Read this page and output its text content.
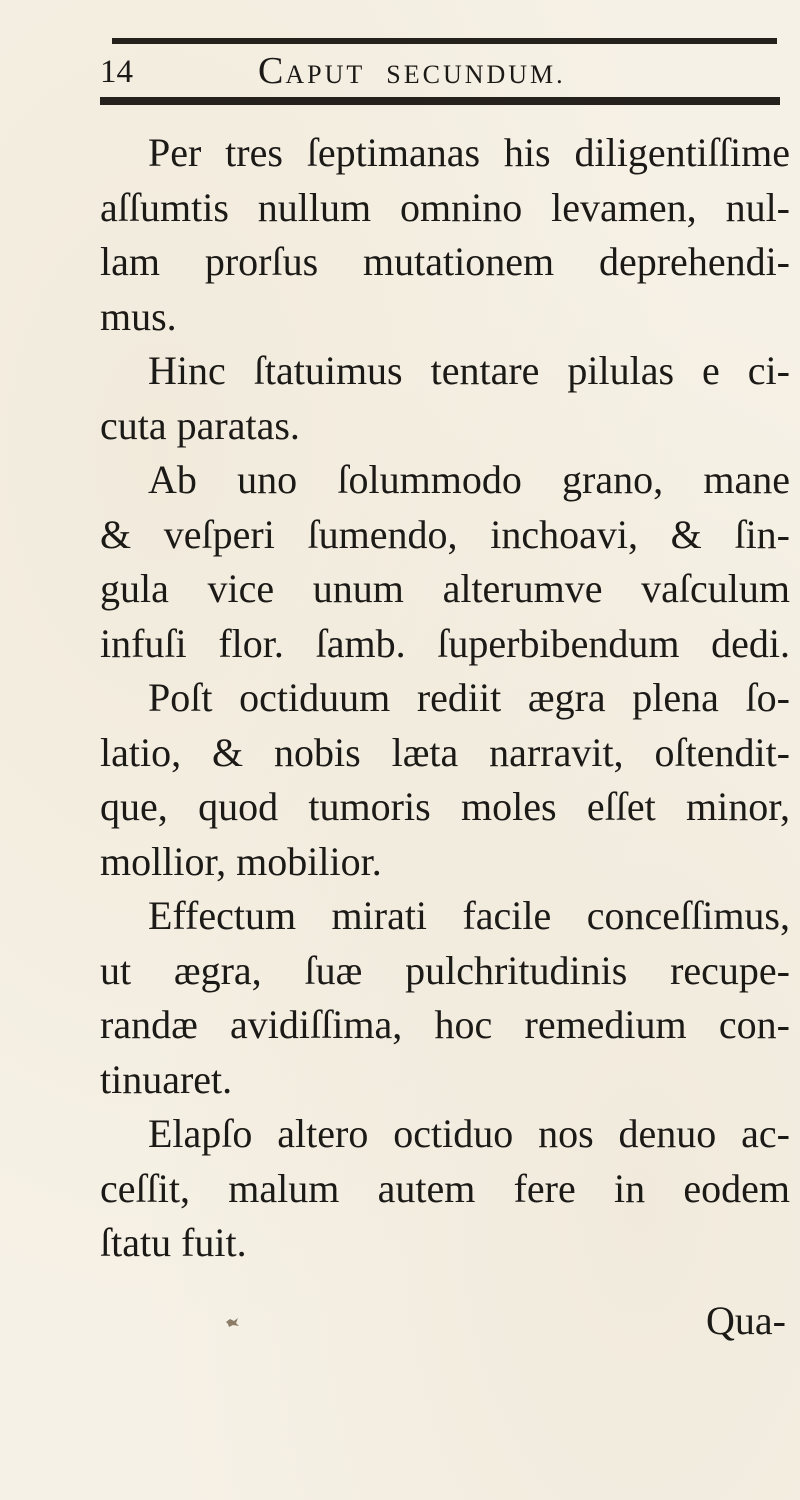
14	CAPUT SECUNDUM.
Per tres ſeptimanas his diligentiſſime
aſſumtis nullum omnino levamen, nul-
lam prorſus mutationem deprehendi-
mus.
Hinc ſtatuimus tentare pilulas e ci-
cuta paratas.
Ab uno ſolummodo grano, mane
& veſperi ſumendo, inchoavi, & ſin-
gula vice unum alterumve vaſculum
infuſi flor. ſamb. ſuperbibendum dedi.
Poſt octiduum rediit ægra plena ſo-
latio, & nobis læta narravit, oſtendit-
que, quod tumoris moles eſſet minor,
mollior, mobilior.
Effectum mirati facile conceſſimus,
ut ægra, ſuæ pulchritudinis recupe-
randæ avidiſſima, hoc remedium con-
tinuaret.
Elapſo altero octiduo nos denuo ac-
ceſſit, malum autem fere in eodem
ſtatu fuit.
Qua-
